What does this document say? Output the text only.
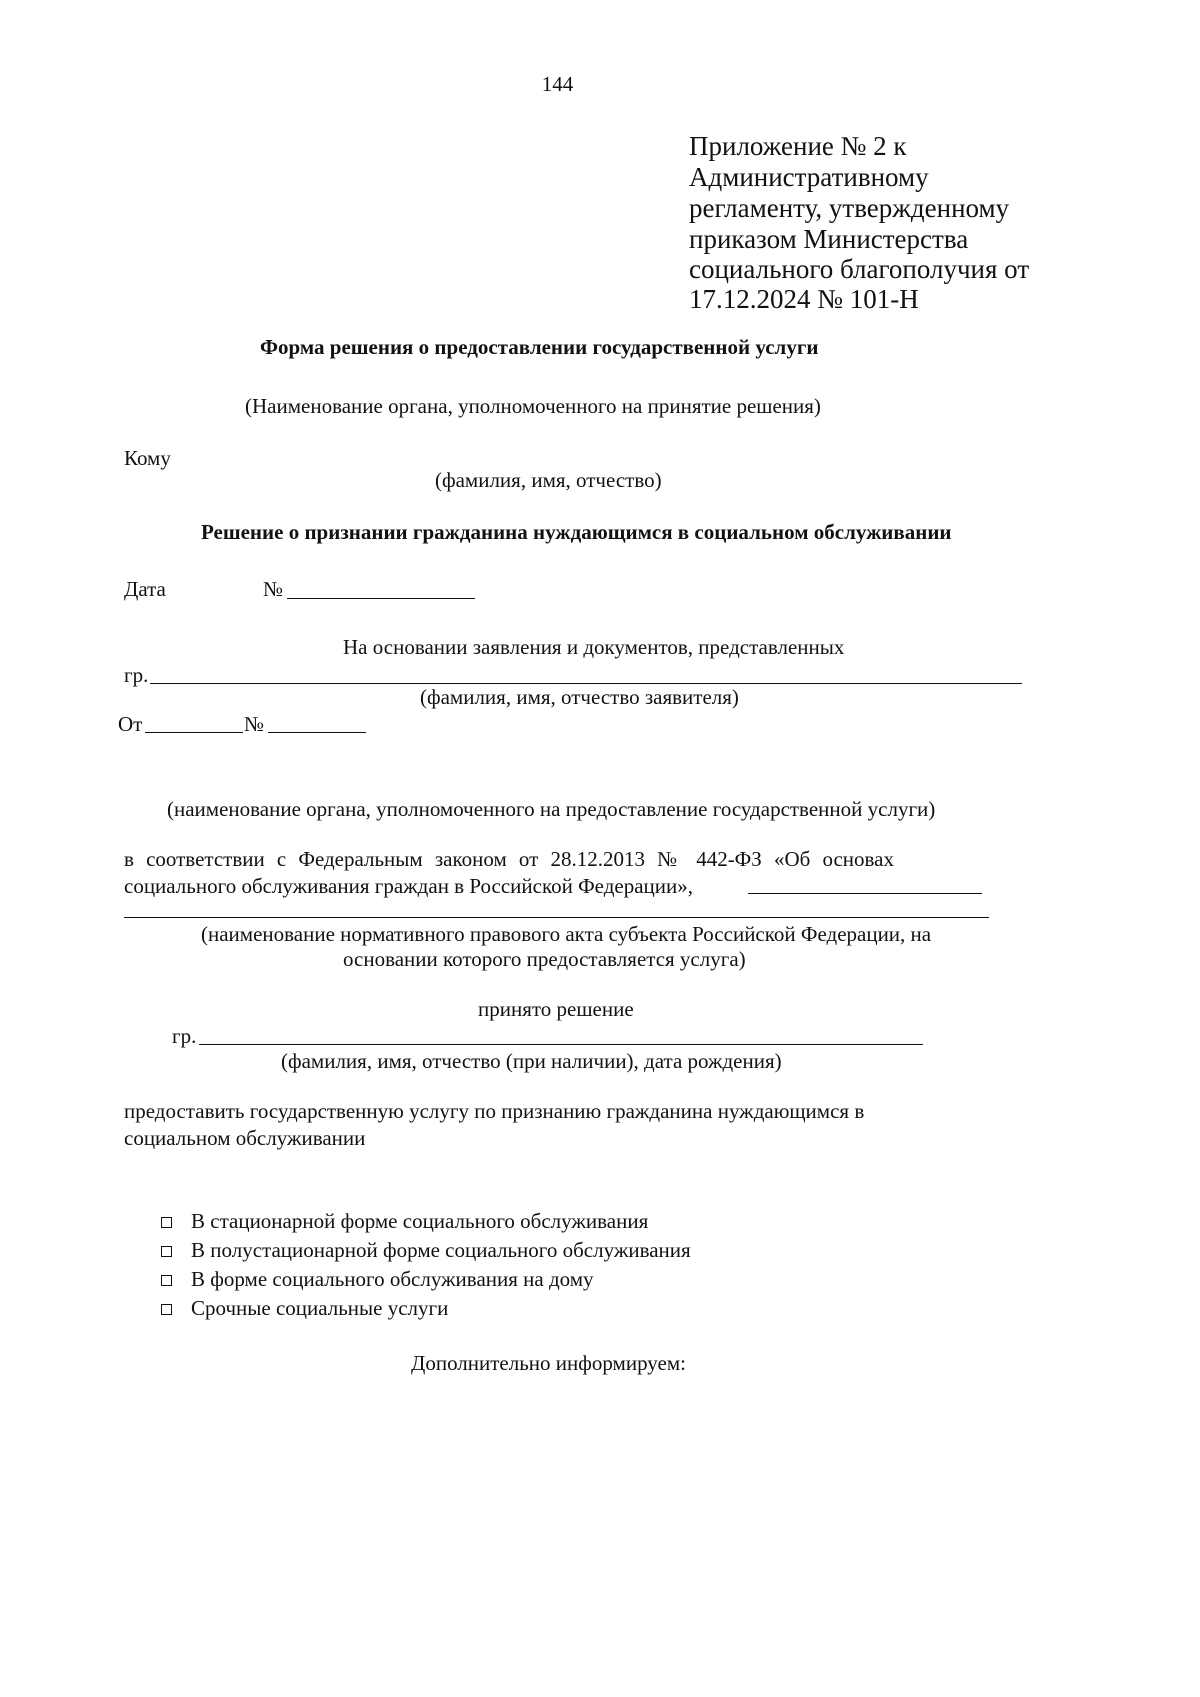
144
Приложение № 2 к
Административному
регламенту, утвержденному
приказом Министерства
социального благополучия от
17.12.2024 № 101-Н
Форма решения о предоставлении государственной услуги
(Наименование органа, уполномоченного на принятие решения)
Кому
(фамилия, имя, отчество)
Решение о признании гражданина нуждающимся в социальном обслуживании
Дата	№
На основании заявления и документов, представленных
гр.
(фамилия, имя, отчество заявителя)
От	№
(наименование органа, уполномоченного на предоставление государственной услуги)
в соответствии с Федеральным законом от 28.12.2013 № 442-ФЗ «Об основах
социального обслуживания граждан в Российской Федерации»,
(наименование нормативного правового акта субъекта Российской Федерации, на
основании которого предоставляется услуга)
принято решение
гр.
(фамилия, имя, отчество (при наличии), дата рождения)
предоставить государственную услугу по признанию гражданина нуждающимся в
социальном обслуживании
В стационарной форме социального обслуживания
В полустационарной форме социального обслуживания
В форме социального обслуживания на дому
Срочные социальные услуги
Дополнительно информируем:
